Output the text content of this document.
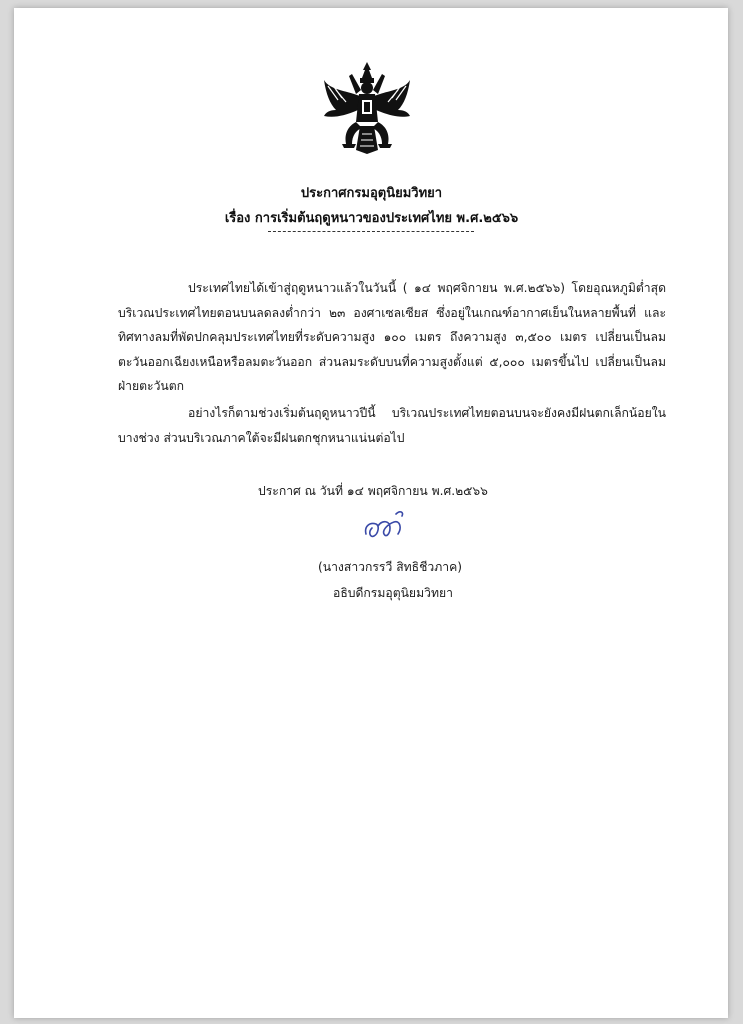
ประกาศกรมอุตุนิยมวิทยา
เรื่อง การเริ่มต้นฤดูหนาวของประเทศไทย พ.ศ.๒๕๖๖
ประเทศไทยได้เข้าสู่ฤดูหนาวแล้วในวันนี้ ( ๑๔ พฤศจิกายน พ.ศ.๒๕๖๖) โดยอุณหภูมิต่ำสุดบริเวณประเทศไทยตอนบนลดลงต่ำกว่า ๒๓ องศาเซลเซียส ซึ่งอยู่ในเกณฑ์อากาศเย็นในหลายพื้นที่ และทิศทางลมที่พัดปกคลุมประเทศไทยที่ระดับความสูง ๑๐๐ เมตร ถึงความสูง ๓,๕๐๐ เมตร เปลี่ยนเป็นลมตะวันออกเฉียงเหนือหรือลมตะวันออก ส่วนลมระดับบนที่ความสูงตั้งแต่ ๕,๐๐๐ เมตรขึ้นไป เปลี่ยนเป็นลมฝ่ายตะวันตก
อย่างไรก็ตามช่วงเริ่มต้นฤดูหนาวปีนี้ บริเวณประเทศไทยตอนบนจะยังคงมีฝนตกเล็กน้อยในบางช่วง ส่วนบริเวณภาคใต้จะมีฝนตกชุกหนาแน่นต่อไป
ประกาศ ณ วันที่ ๑๔ พฤศจิกายน พ.ศ.๒๕๖๖
(นางสาวกรรวี สิทธิชีวภาค)
อธิบดีกรมอุตุนิยมวิทยา
